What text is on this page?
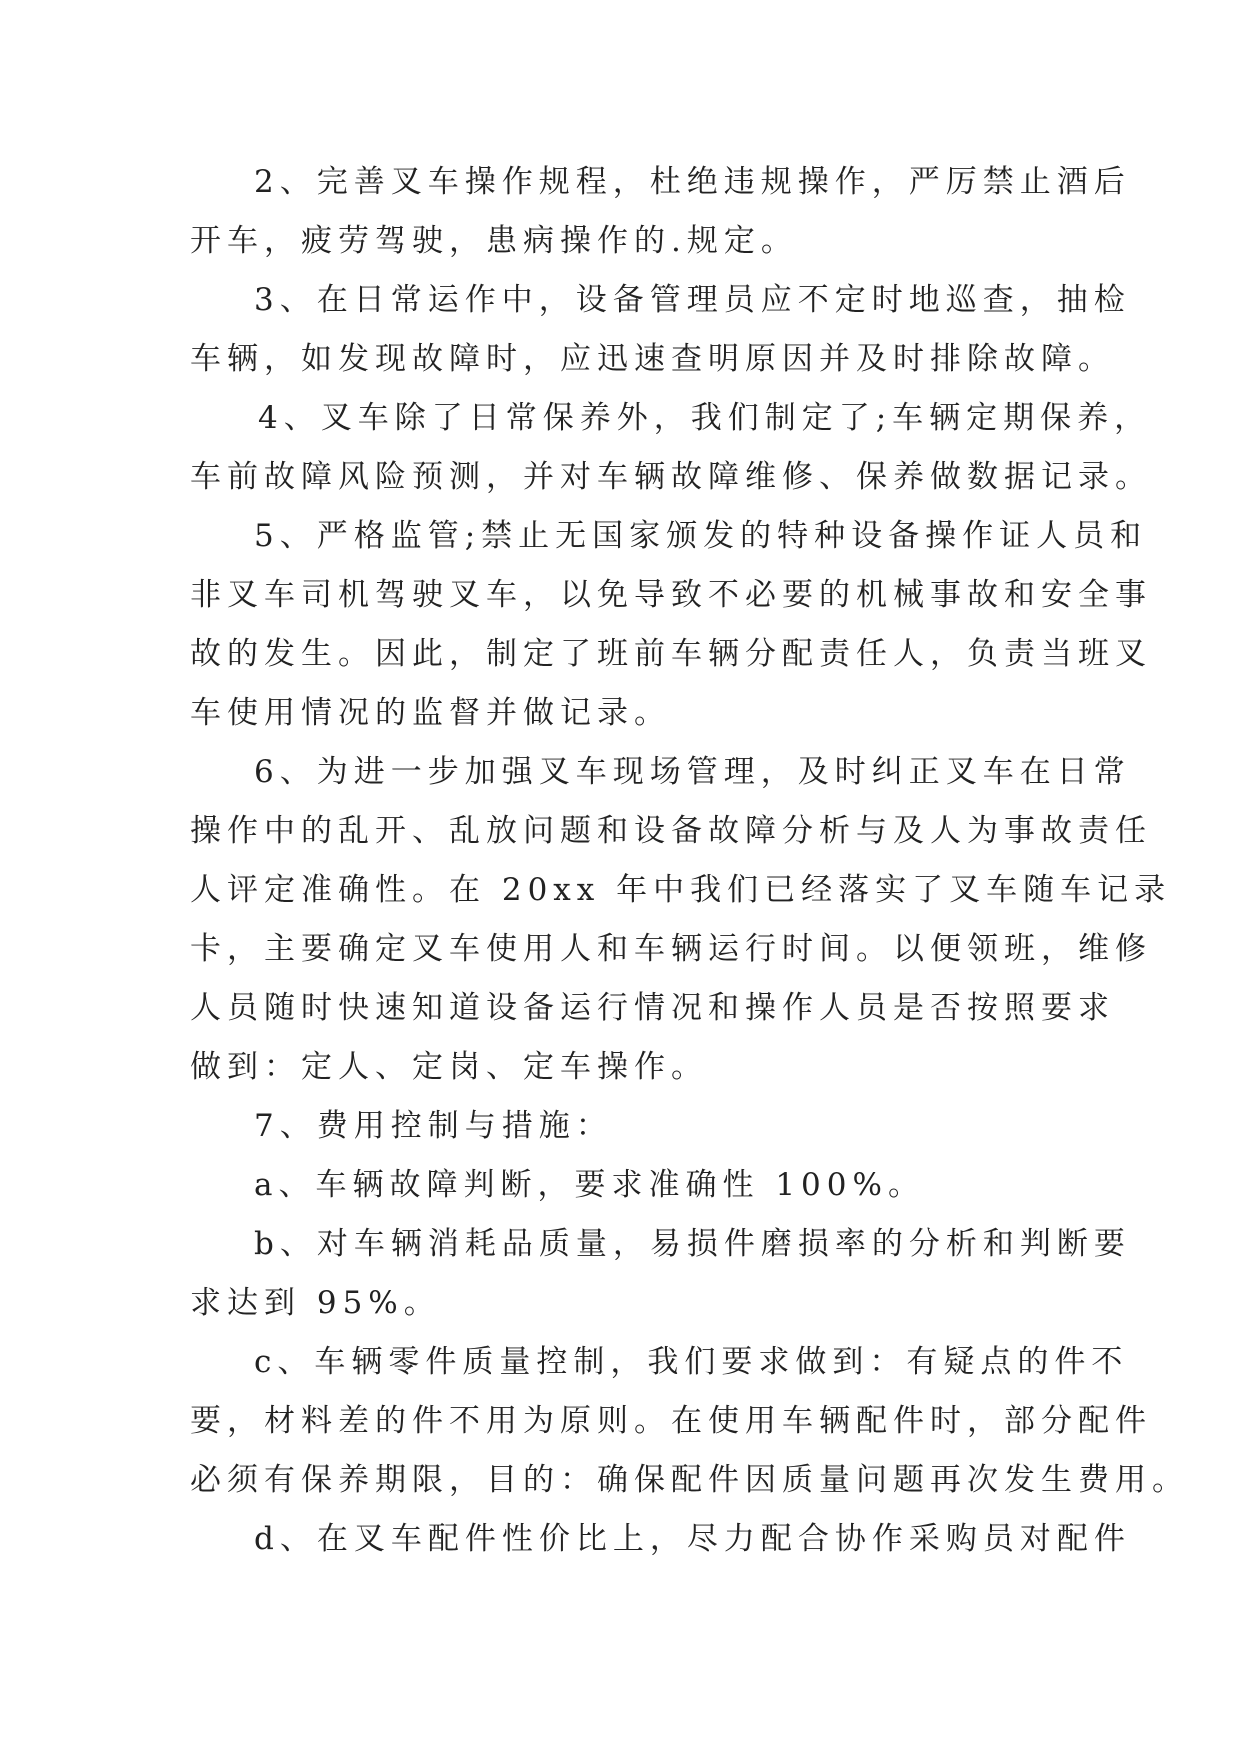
2、完善叉车操作规程，杜绝违规操作，严厉禁止酒后
开车，疲劳驾驶，患病操作的.规定。
3、在日常运作中，设备管理员应不定时地巡查，抽检
车辆，如发现故障时，应迅速查明原因并及时排除故障。
4、叉车除了日常保养外，我们制定了;车辆定期保养，
车前故障风险预测，并对车辆故障维修、保养做数据记录。
5、严格监管;禁止无国家颁发的特种设备操作证人员和
非叉车司机驾驶叉车，以免导致不必要的机械事故和安全事
故的发生。因此，制定了班前车辆分配责任人，负责当班叉
车使用情况的监督并做记录。
6、为进一步加强叉车现场管理，及时纠正叉车在日常
操作中的乱开、乱放问题和设备故障分析与及人为事故责任
人评定准确性。在 20xx 年中我们已经落实了叉车随车记录
卡，主要确定叉车使用人和车辆运行时间。以便领班，维修
人员随时快速知道设备运行情况和操作人员是否按照要求
做到：定人、定岗、定车操作。
7、费用控制与措施：
a、车辆故障判断，要求准确性 100%。
b、对车辆消耗品质量，易损件磨损率的分析和判断要
求达到 95%。
c、车辆零件质量控制，我们要求做到：有疑点的件不
要，材料差的件不用为原则。在使用车辆配件时，部分配件
必须有保养期限，目的：确保配件因质量问题再次发生费用。
d、在叉车配件性价比上，尽力配合协作采购员对配件
